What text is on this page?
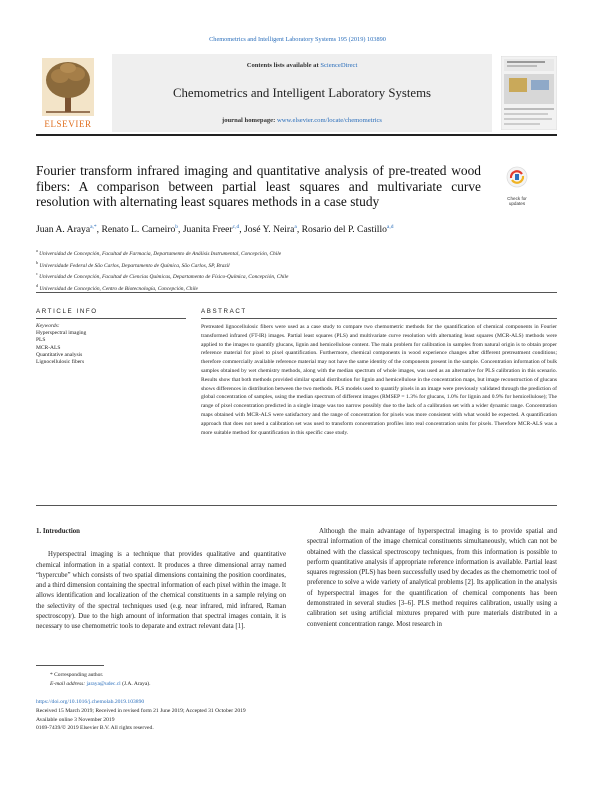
Chemometrics and Intelligent Laboratory Systems 195 (2019) 103890
ELSEVIER
Contents lists available at ScienceDirect
Chemometrics and Intelligent Laboratory Systems
journal homepage: www.elsevier.com/locate/chemometrics
Fourier transform infrared imaging and quantitative analysis of pre-treated wood fibers: A comparison between partial least squares and multivariate curve resolution with alternating least squares methods in a case study	Check for
updates
Juan A. Araya$^{a,*}$, Renato L. Carneiro$^b$, Juanita Freer$^{c,d}$, José Y. Neira$^a$, Rosario del P. Castillo$^{a,d}$
$^a$ Universidad de Concepción, Facultad de Farmacia, Departamento de Análisis Instrumental, Concepción, Chile
$^b$ Universidade Federal de São Carlos, Departamento de Química, São Carlos, SP, Brazil
$^c$ Universidad de Concepción, Facultad de Ciencias Químicas, Departamento de Físico-Química, Concepción, Chile
$^d$ Universidad de Concepción, Centro de Biotecnología, Concepción, Chile
ARTICLE INFO	ABSTRACT
Keywords:
Hyperspectral imaging
PLS
MCR-ALS
Quantitative analysis
Lignocellulosic fibers
Pretreated lignocellulosic fibers were used as a case study to compare two chemometric methods for the quantification of chemical components in Fourier transformed infrared (FT-IR) images. Partial least squares (PLS) and multivariate curve resolution with alternating least squares (MCR-ALS) methods were applied to the images to quantify glucans, lignin and hemicellulose content. The main problem for calibration in samples from natural origin is to obtain proper reference material for pixel to pixel quantification. Furthermore, chemical components in wood experience changes after different pretreatment conditions; therefore commercially available reference material may not have the same identity of the components present in the sample. Concentration information of bulk samples obtained by wet chemistry methods, along with the median spectrum of whole images, was used as an alternative for PLS calibration in this scenario. Results show that both methods provided similar spatial distribution for lignin and hemicellulose in the concentration maps, but image reconstruction of glucans shows differences in distribution between the two methods. PLS models used to quantify pixels in an image were previously validated through the prediction of global concentration of samples, using the median spectrum of different images (RMSEP = 1.3% for glucans, 1.0% for lignin and 0.9% for hemicellulose); The range of pixel concentration predicted in a single image was too narrow possibly due to the lack of a calibration set with a wider dynamic range. Concentration maps obtained with MCR-ALS were satisfactory and the range of concentration for pixels was more consistent with what would be expected. A quantification approach that does not need a calibration set was used to transform concentration profiles into real concentration units for pixels. Therefore MCR-ALS was a more suitable method for quantification in this specific case study.
1. Introduction

Hyperspectral imaging is a technique that provides qualitative and quantitative chemical information in a spatial context. It produces a three dimensional array named “hypercube” which consists of two spatial dimensions containing the position coordinates, and a third dimension containing the spectral information of each pixel within the image. It allows identification and localization of the chemical constituents in a sample relying on the selectivity of the spectral techniques used (e.g. near infrared, mid infrared, Raman spectroscopy). Due to the high amount of information that spectral images contain, it is necessary to use chemometric tools to deparate and extract relevant data [1].

Although the main advantage of hyperspectral imaging is to provide spatial and spectral information of the image chemical constituents simultaneously, which can not be obtained with the classical spectroscopy techniques, from this information is possible to perform quantitative analysis if appropriate reference information is available. Partial least squares regression (PLS) has been successfully used by decades as the chemometric tool of preference to solve a wide variety of analytical problems [2]. Its application in the analysis of hyperspectral images for the quantification of chemical components has been demonstrated in several studies [3–6]. PLS method requires calibration, usually using a calibration set using artificial mixtures prepared with pure materials distributed in a convenient concentration range. Most research in

* Corresponding author.
E-mail address: jaraya@udec.cl (J.A. Araya).
https://doi.org/10.1016/j.chemolab.2019.103890
Received 15 March 2019; Received in revised form 21 June 2019; Accepted 31 October 2019
Available online 3 November 2019
0169-7439/© 2019 Elsevier B.V. All rights reserved.
